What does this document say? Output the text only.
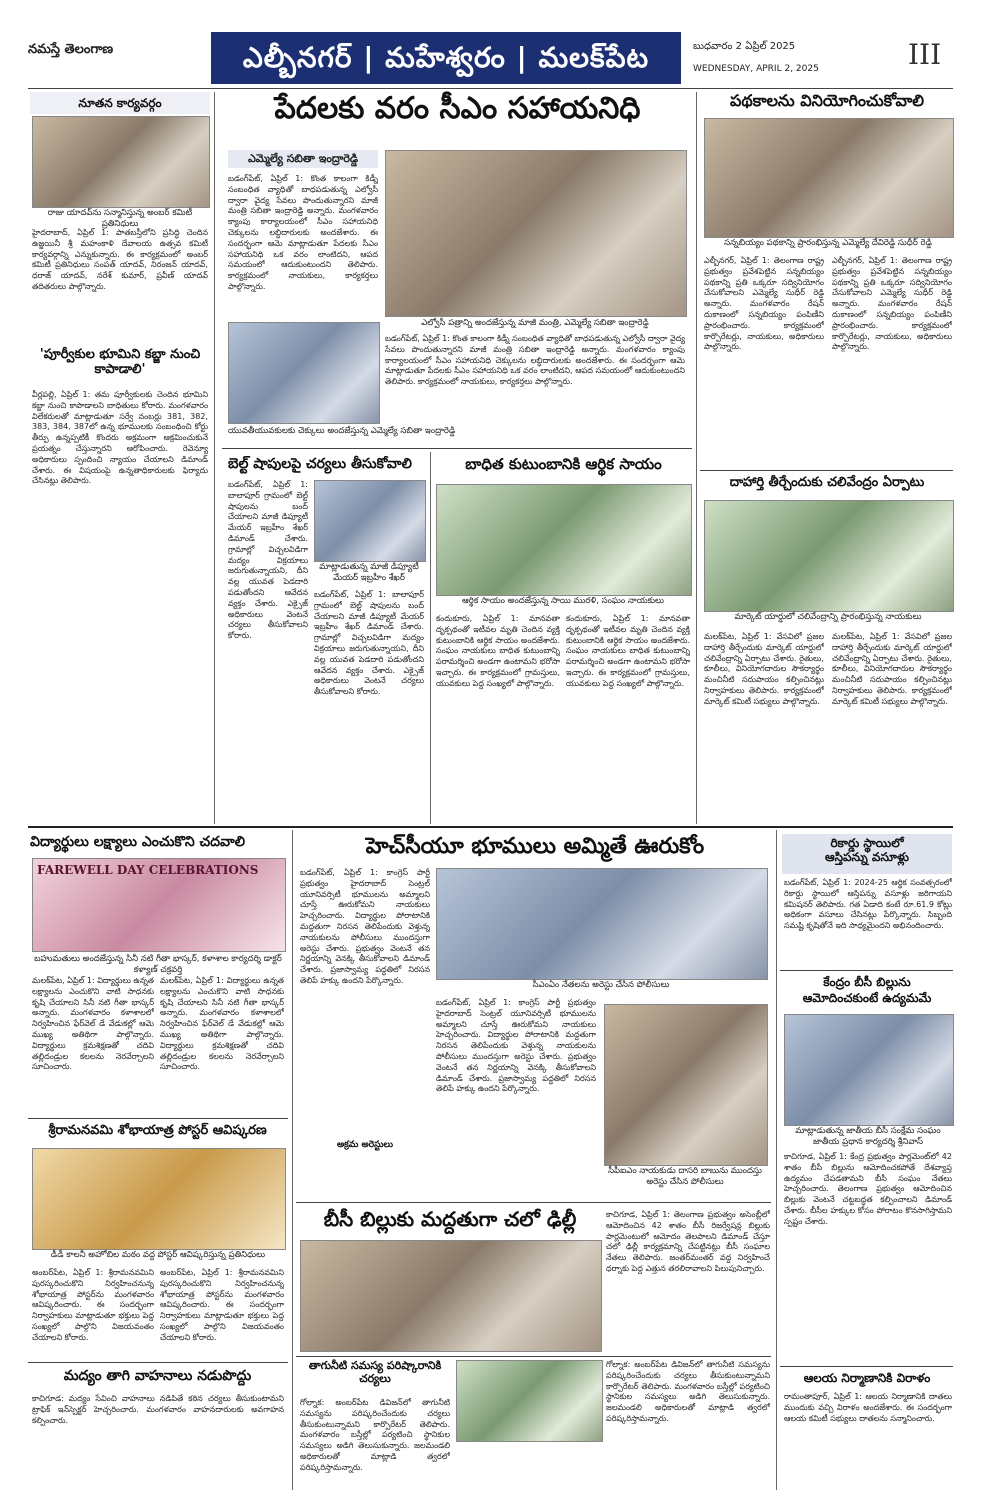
నమస్తే తెలంగాణ	ఎల్బీనగర్ | మహేశ్వరం | మలక్‌పేట	బుధవారం 2 ఏప్రిల్ 2025
WEDNESDAY, APRIL 2, 2025	III
నూతన కార్యవర్గం
రాజు యాదవ్‌ను సన్మానిస్తున్న అంబర్ కమిటీ ప్రతినిధులు
హైదరాబాద్, ఏప్రిల్ 1: పాతబస్తీలోని ప్రసిద్ధి చెందిన ఉజ్జయినీ శ్రీ మహంకాళి దేవాలయ ఉత్సవ కమిటీ కార్యవర్గాన్ని ఎన్నుకున్నారు. ఈ కార్యక్రమంలో అంబర్ కమిటీ ప్రతినిధులు సంపత్ యాదవ్, నిరంజన్ యాదవ్, ధరాజ్ యాదవ్, నరేశ్ కుమార్, ప్రవీణ్ యాదవ్ తదితరులు పాల్గొన్నారు.
'పూర్వీకుల భూమిని కబ్జా నుంచి కాపాడాలి'
వీర్లపల్లి, ఏప్రిల్ 1: తమ పూర్వీకులకు చెందిన భూమిని కబ్జా నుంచి కాపాడాలని బాధితులు కోరారు. మంగళవారం విలేకరులతో మాట్లాడుతూ సర్వే నంబర్లు 381, 382, 383, 384, 387లో ఉన్న భూములకు సంబంధించి కోర్టు తీర్పు ఉన్నప్పటికీ కొందరు అక్రమంగా ఆక్రమించుకునే ప్రయత్నం చేస్తున్నారని ఆరోపించారు. రెవెన్యూ అధికారులు స్పందించి న్యాయం చేయాలని డిమాండ్ చేశారు. ఈ విషయంపై ఉన్నతాధికారులకు ఫిర్యాదు చేసినట్లు తెలిపారు.
పేదలకు వరం సీఎం సహాయనిధి
ఎమ్మెల్యే సబితా ఇంద్రారెడ్డి
బడంగ్‌పేట్, ఏప్రిల్ 1: కొంత కాలంగా కిడ్నీ సంబంధిత వ్యాధితో బాధపడుతున్న ఎల్వోసీ ద్వారా వైద్య సేవలు పొందుతున్నారని మాజీ మంత్రి సబితా ఇంద్రారెడ్డి అన్నారు. మంగళవారం క్యాంపు కార్యాలయంలో సీఎం సహాయనిధి చెక్కులను లబ్ధిదారులకు అందజేశారు. ఈ సందర్భంగా ఆమె మాట్లాడుతూ పేదలకు సీఎం సహాయనిధి ఒక వరం లాంటిదని, ఆపద సమయంలో ఆదుకుంటుందని తెలిపారు. కార్యక్రమంలో నాయకులు, కార్యకర్తలు పాల్గొన్నారు.
ఎల్వోసీ పత్రాన్ని అందజేస్తున్న మాజీ మంత్రి, ఎమ్మెల్యే సబితా ఇంద్రారెడ్డి
యువతీయువకులకు చెక్కులు అందజేస్తున్న ఎమ్మెల్యే సబితా ఇంద్రారెడ్డి
బడంగ్‌పేట్, ఏప్రిల్ 1: కొంత కాలంగా కిడ్నీ సంబంధిత వ్యాధితో బాధపడుతున్న ఎల్వోసీ ద్వారా వైద్య సేవలు పొందుతున్నారని మాజీ మంత్రి సబితా ఇంద్రారెడ్డి అన్నారు. మంగళవారం క్యాంపు కార్యాలయంలో సీఎం సహాయనిధి చెక్కులను లబ్ధిదారులకు అందజేశారు. ఈ సందర్భంగా ఆమె మాట్లాడుతూ పేదలకు సీఎం సహాయనిధి ఒక వరం లాంటిదని, ఆపద సమయంలో ఆదుకుంటుందని తెలిపారు. కార్యక్రమంలో నాయకులు, కార్యకర్తలు పాల్గొన్నారు.
బెల్ట్ షాపులపై చర్యలు తీసుకోవాలి
బడంగ్‌పేట్, ఏప్రిల్ 1: బాలాపూర్ గ్రామంలో బెల్ట్ షాపులను బంద్ చేయాలని మాజీ డిప్యూటీ మేయర్ ఇబ్రహీం శేఖర్ డిమాండ్ చేశారు. గ్రామాల్లో విచ్చలవిడిగా మద్యం విక్రయాలు జరుగుతున్నాయని, దీని వల్ల యువత పెడదారి పడుతోందని ఆవేదన వ్యక్తం చేశారు. ఎక్సైజ్ అధికారులు వెంటనే చర్యలు తీసుకోవాలని కోరారు.
మాట్లాడుతున్న మాజీ డిప్యూటీ మేయర్ ఇబ్రహీం శేఖర్
బడంగ్‌పేట్, ఏప్రిల్ 1: బాలాపూర్ గ్రామంలో బెల్ట్ షాపులను బంద్ చేయాలని మాజీ డిప్యూటీ మేయర్ ఇబ్రహీం శేఖర్ డిమాండ్ చేశారు. గ్రామాల్లో విచ్చలవిడిగా మద్యం విక్రయాలు జరుగుతున్నాయని, దీని వల్ల యువత పెడదారి పడుతోందని ఆవేదన వ్యక్తం చేశారు. ఎక్సైజ్ అధికారులు వెంటనే చర్యలు తీసుకోవాలని కోరారు.
బాధిత కుటుంబానికి ఆర్థిక సాయం
ఆర్థిక సాయం అందజేస్తున్న సాయి మురళి, సంఘం నాయకులు
కందుకూరు, ఏప్రిల్ 1: మానవతా దృక్పథంతో ఇటీవల మృతి చెందిన వ్యక్తి కుటుంబానికి ఆర్థిక సాయం అందజేశారు. సంఘం నాయకులు బాధిత కుటుంబాన్ని పరామర్శించి అండగా ఉంటామని భరోసా ఇచ్చారు. ఈ కార్యక్రమంలో గ్రామస్తులు, యువకులు పెద్ద సంఖ్యలో పాల్గొన్నారు.
కందుకూరు, ఏప్రిల్ 1: మానవతా దృక్పథంతో ఇటీవల మృతి చెందిన వ్యక్తి కుటుంబానికి ఆర్థిక సాయం అందజేశారు. సంఘం నాయకులు బాధిత కుటుంబాన్ని పరామర్శించి అండగా ఉంటామని భరోసా ఇచ్చారు. ఈ కార్యక్రమంలో గ్రామస్తులు, యువకులు పెద్ద సంఖ్యలో పాల్గొన్నారు.
పథకాలను వినియోగించుకోవాలి
సన్నబియ్యం పథకాన్ని ప్రారంభిస్తున్న ఎమ్మెల్యే దేవిరెడ్డి సుధీర్ రెడ్డి
ఎల్బీనగర్, ఏప్రిల్ 1: తెలంగాణ రాష్ట్ర ప్రభుత్వం ప్రవేశపెట్టిన సన్నబియ్యం పథకాన్ని ప్రతి ఒక్కరూ సద్వినియోగం చేసుకోవాలని ఎమ్మెల్యే సుధీర్ రెడ్డి అన్నారు. మంగళవారం రేషన్ దుకాణంలో సన్నబియ్యం పంపిణీని ప్రారంభించారు. కార్యక్రమంలో కార్పొరేటర్లు, నాయకులు, అధికారులు పాల్గొన్నారు.
ఎల్బీనగర్, ఏప్రిల్ 1: తెలంగాణ రాష్ట్ర ప్రభుత్వం ప్రవేశపెట్టిన సన్నబియ్యం పథకాన్ని ప్రతి ఒక్కరూ సద్వినియోగం చేసుకోవాలని ఎమ్మెల్యే సుధీర్ రెడ్డి అన్నారు. మంగళవారం రేషన్ దుకాణంలో సన్నబియ్యం పంపిణీని ప్రారంభించారు. కార్యక్రమంలో కార్పొరేటర్లు, నాయకులు, అధికారులు పాల్గొన్నారు.
దాహార్తి తీర్చేందుకు చలివేంద్రం ఏర్పాటు
మార్కెట్ యార్డులో చలివేంద్రాన్ని ప్రారంభిస్తున్న నాయకులు
మలక్‌పేట, ఏప్రిల్ 1: వేసవిలో ప్రజల దాహార్తి తీర్చేందుకు మార్కెట్ యార్డులో చలివేంద్రాన్ని ఏర్పాటు చేశారు. రైతులు, కూలీలు, వినియోగదారుల సౌకర్యార్థం మంచినీటి సదుపాయం కల్పించినట్లు నిర్వాహకులు తెలిపారు. కార్యక్రమంలో మార్కెట్ కమిటీ సభ్యులు పాల్గొన్నారు.
మలక్‌పేట, ఏప్రిల్ 1: వేసవిలో ప్రజల దాహార్తి తీర్చేందుకు మార్కెట్ యార్డులో చలివేంద్రాన్ని ఏర్పాటు చేశారు. రైతులు, కూలీలు, వినియోగదారుల సౌకర్యార్థం మంచినీటి సదుపాయం కల్పించినట్లు నిర్వాహకులు తెలిపారు. కార్యక్రమంలో మార్కెట్ కమిటీ సభ్యులు పాల్గొన్నారు.
విద్యార్థులు లక్ష్యాలు ఎంచుకొని చదవాలి
FAREWELL DAY CELEBRATIONS
బహుమతులు అందజేస్తున్న సినీ నటి గీతా భాస్కర్, కళాశాల కార్యదర్శి డాక్టర్ కళ్యాణ్ చక్రవర్తి
మలక్‌పేట, ఏప్రిల్ 1: విద్యార్థులు ఉన్నత లక్ష్యాలను ఎంచుకొని వాటి సాధనకు కృషి చేయాలని సినీ నటి గీతా భాస్కర్ అన్నారు. మంగళవారం కళాశాలలో నిర్వహించిన ఫేర్‌వెల్ డే వేడుకల్లో ఆమె ముఖ్య అతిథిగా పాల్గొన్నారు. విద్యార్థులు క్రమశిక్షణతో చదివి తల్లిదండ్రుల కలలను నెరవేర్చాలని సూచించారు.
మలక్‌పేట, ఏప్రిల్ 1: విద్యార్థులు ఉన్నత లక్ష్యాలను ఎంచుకొని వాటి సాధనకు కృషి చేయాలని సినీ నటి గీతా భాస్కర్ అన్నారు. మంగళవారం కళాశాలలో నిర్వహించిన ఫేర్‌వెల్ డే వేడుకల్లో ఆమె ముఖ్య అతిథిగా పాల్గొన్నారు. విద్యార్థులు క్రమశిక్షణతో చదివి తల్లిదండ్రుల కలలను నెరవేర్చాలని సూచించారు.
శ్రీరామనవమి శోభాయాత్ర పోస్టర్ ఆవిష్కరణ
డీడీ కాలనీ అహోబిల మఠం వద్ద పోస్టర్ ఆవిష్కరిస్తున్న ప్రతినిధులు
అంబర్‌పేట, ఏప్రిల్ 1: శ్రీరామనవమిని పురస్కరించుకొని నిర్వహించనున్న శోభాయాత్ర పోస్టర్‌ను మంగళవారం ఆవిష్కరించారు. ఈ సందర్భంగా నిర్వాహకులు మాట్లాడుతూ భక్తులు పెద్ద సంఖ్యలో పాల్గొని విజయవంతం చేయాలని కోరారు.
అంబర్‌పేట, ఏప్రిల్ 1: శ్రీరామనవమిని పురస్కరించుకొని నిర్వహించనున్న శోభాయాత్ర పోస్టర్‌ను మంగళవారం ఆవిష్కరించారు. ఈ సందర్భంగా నిర్వాహకులు మాట్లాడుతూ భక్తులు పెద్ద సంఖ్యలో పాల్గొని విజయవంతం చేయాలని కోరారు.
మద్యం తాగి వాహనాలు నడుపొద్దు
కాచిగూడ: మద్యం సేవించి వాహనాలు నడిపితే కఠిన చర్యలు తీసుకుంటామని ట్రాఫిక్ ఇన్‌స్పెక్టర్ హెచ్చరించారు. మంగళవారం వాహనదారులకు అవగాహన కల్పించారు.
హెచ్‌సీయూ భూములు అమ్మితే ఊరుకోం
బడంగ్‌పేట్, ఏప్రిల్ 1: కాంగ్రెస్ పార్టీ ప్రభుత్వం హైదరాబాద్ సెంట్రల్ యూనివర్సిటీ భూములను అమ్మాలని చూస్తే ఊరుకోమని నాయకులు హెచ్చరించారు. విద్యార్థుల పోరాటానికి మద్దతుగా నిరసన తెలిపేందుకు వెళ్తున్న నాయకులను పోలీసులు ముందస్తుగా అరెస్టు చేశారు. ప్రభుత్వం వెంటనే తన నిర్ణయాన్ని వెనక్కి తీసుకోవాలని డిమాండ్ చేశారు. ప్రజాస్వామ్య పద్ధతిలో నిరసన తెలిపే హక్కు ఉందని పేర్కొన్నారు.	సీఎంఏం నేతలను అరెస్టు చేసిన పోలీసులు
బడంగ్‌పేట్, ఏప్రిల్ 1: కాంగ్రెస్ పార్టీ ప్రభుత్వం హైదరాబాద్ సెంట్రల్ యూనివర్సిటీ భూములను అమ్మాలని చూస్తే ఊరుకోమని నాయకులు హెచ్చరించారు. విద్యార్థుల పోరాటానికి మద్దతుగా నిరసన తెలిపేందుకు వెళ్తున్న నాయకులను పోలీసులు ముందస్తుగా అరెస్టు చేశారు. ప్రభుత్వం వెంటనే తన నిర్ణయాన్ని వెనక్కి తీసుకోవాలని డిమాండ్ చేశారు. ప్రజాస్వామ్య పద్ధతిలో నిరసన తెలిపే హక్కు ఉందని పేర్కొన్నారు.
సీపీఐఎం నాయకుడు దాసరి బాబును ముందస్తు అరెస్టు చేసిన పోలీసులు
అక్రమ అరెస్టులు
బీసీ బిల్లుకు మద్దతుగా చలో ఢిల్లీ	కాచిగూడ, ఏప్రిల్ 1: తెలంగాణ ప్రభుత్వం అసెంబ్లీలో ఆమోదించిన 42 శాతం బీసీ రిజర్వేషన్ల బిల్లుకు పార్లమెంటులో ఆమోదం తెలపాలని డిమాండ్ చేస్తూ చలో ఢిల్లీ కార్యక్రమాన్ని చేపట్టినట్లు బీసీ సంఘాల నేతలు తెలిపారు. జంతర్‌మంతర్ వద్ద నిర్వహించే ధర్నాకు పెద్ద ఎత్తున తరలిరావాలని పిలుపునిచ్చారు.
తాగునీటి సమస్య పరిష్కారానికి చర్యలు
గోల్నాక: అంబర్‌పేట డివిజన్‌లో తాగునీటి సమస్యను పరిష్కరించేందుకు చర్యలు తీసుకుంటున్నామని కార్పొరేటర్ తెలిపారు. మంగళవారం బస్తీల్లో పర్యటించి స్థానికుల సమస్యలు అడిగి తెలుసుకున్నారు. జలమండలి అధికారులతో మాట్లాడి త్వరలో పరిష్కరిస్తామన్నారు.
గోల్నాక: అంబర్‌పేట డివిజన్‌లో తాగునీటి సమస్యను పరిష్కరించేందుకు చర్యలు తీసుకుంటున్నామని కార్పొరేటర్ తెలిపారు. మంగళవారం బస్తీల్లో పర్యటించి స్థానికుల సమస్యలు అడిగి తెలుసుకున్నారు. జలమండలి అధికారులతో మాట్లాడి త్వరలో పరిష్కరిస్తామన్నారు.
రికార్డు స్థాయిలో
ఆస్తిపన్ను వసూళ్లు
బడంగ్‌పేట్, ఏప్రిల్ 1: 2024-25 ఆర్థిక సంవత్సరంలో రికార్డు స్థాయిలో ఆస్తిపన్ను వసూళ్లు జరిగాయని కమిషనర్ తెలిపారు. గత ఏడాది కంటే రూ.61.9 కోట్లు అధికంగా వసూలు చేసినట్లు పేర్కొన్నారు. సిబ్బంది సమష్టి కృషితోనే ఇది సాధ్యమైందని అభినందించారు.
కేంద్రం బీసీ బిల్లును
ఆమోదించకుంటే ఉద్యమమే
మాట్లాడుతున్న జాతీయ బీసీ సంక్షేమ సంఘం జాతీయ ప్రధాన కార్యదర్శి శ్రీనివాస్
కాచిగూడ, ఏప్రిల్ 1: కేంద్ర ప్రభుత్వం పార్లమెంట్‌లో 42 శాతం బీసీ బిల్లును ఆమోదించకపోతే దేశవ్యాప్త ఉద్యమం చేపడతామని బీసీ సంఘం నేతలు హెచ్చరించారు. తెలంగాణ ప్రభుత్వం ఆమోదించిన బిల్లుకు వెంటనే చట్టబద్ధత కల్పించాలని డిమాండ్ చేశారు. బీసీల హక్కుల కోసం పోరాటం కొనసాగిస్తామని స్పష్టం చేశారు.
ఆలయ నిర్మాణానికి విరాళం
రామంతాపూర్, ఏప్రిల్ 1: ఆలయ నిర్మాణానికి దాతలు ముందుకు వచ్చి విరాళం అందజేశారు. ఈ సందర్భంగా ఆలయ కమిటీ సభ్యులు దాతలను సన్మానించారు.
